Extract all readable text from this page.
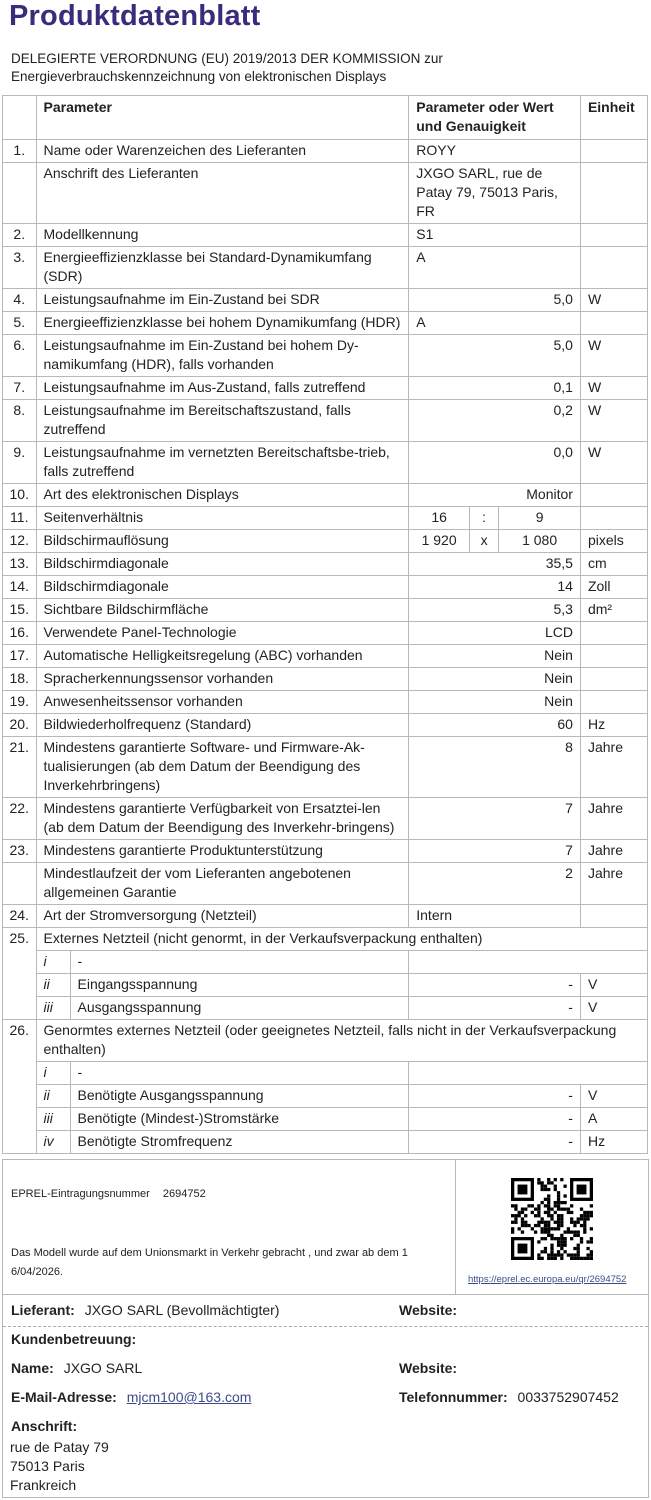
Produktdatenblatt
DELEGIERTE VERORDNUNG (EU) 2019/2013 DER KOMMISSION zur Energieverbrauchskennzeichnung von elektronischen Displays
	Parameter	Parameter oder Wert und Genauigkeit			Einheit
1.	Name oder Warenzeichen des Lieferanten	ROYY			
	Anschrift des Lieferanten	JXGO SARL, rue de Patay 79, 75013 Paris, FR			
2.	Modellkennung	S1			
3.	Energieeffizienzklasse bei Standard-Dynamikumfang (SDR)	A			
4.	Leistungsaufnahme im Ein-Zustand bei SDR	5,0			W
5.	Energieeffizienzklasse bei hohem Dynamikumfang (HDR)	A			
6.	Leistungsaufnahme im Ein-Zustand bei hohem Dy-namikumfang (HDR), falls vorhanden	5,0			W
7.	Leistungsaufnahme im Aus-Zustand, falls zutreffend	0,1			W
8.	Leistungsaufnahme im Bereitschaftszustand, falls zutreffend	0,2			W
9.	Leistungsaufnahme im vernetzten Bereitschaftsbe-trieb, falls zutreffend	0,0			W
10.	Art des elektronischen Displays	Monitor			
11.	Seitenverhältnis	16	:	9	
12.	Bildschirmauflösung	1 920	x	1 080	pixels
13.	Bildschirmdiagonale	35,5			cm
14.	Bildschirmdiagonale	14			Zoll
15.	Sichtbare Bildschirmfläche	5,3			dm²
16.	Verwendete Panel-Technologie	LCD			
17.	Automatische Helligkeitsregelung (ABC) vorhanden	Nein			
18.	Spracherkennungssensor vorhanden	Nein			
19.	Anwesenheitssensor vorhanden	Nein			
20.	Bildwiederholfrequenz (Standard)	60			Hz
21.	Mindestens garantierte Software- und Firmware-Ak-tualisierungen (ab dem Datum der Beendigung des Inverkehrbringens)	8			Jahre
22.	Mindestens garantierte Verfügbarkeit von Ersatztei-len (ab dem Datum der Beendigung des Inverkehr-bringens)	7			Jahre
23.	Mindestens garantierte Produktunterstützung	7			Jahre
	Mindestlaufzeit der vom Lieferanten angebotenen allgemeinen Garantie	2			Jahre
24.	Art der Stromversorgung (Netzteil)	Intern			
25.	Externes Netzteil (nicht genormt, in der Verkaufsverpackung enthalten)				

	i -				

	ii Eingangsspannung	-			V

	iii Ausgangsspannung	-			V
26.	Genormtes externes Netzteil (oder geeignetes Netzteil, falls nicht in der Verkaufsverpackung enthalten)				

	i -				

	ii Benötigte Ausgangsspannung	-			V

	iii Benötigte (Mindest-)Stromstärke	-			A

	iv Benötigte Stromfrequenz	-			Hz
EPREL-Eintragungsnummer 2694752
Das Modell wurde auf dem Unionsmarkt in Verkehr gebracht , und zwar ab dem 1 6/04/2026.
https://eprel.ec.europa.eu/qr/2694752
Lieferant: JXGO SARL (Bevollmächtigter)	Website:
Kundenbetreuung:
Name: JXGO SARL	Website:
E-Mail-Adresse: mjcm100@163.com	Telefonnummer: 0033752907452
Anschrift:
rue de Patay 79
75013 Paris
Frankreich
